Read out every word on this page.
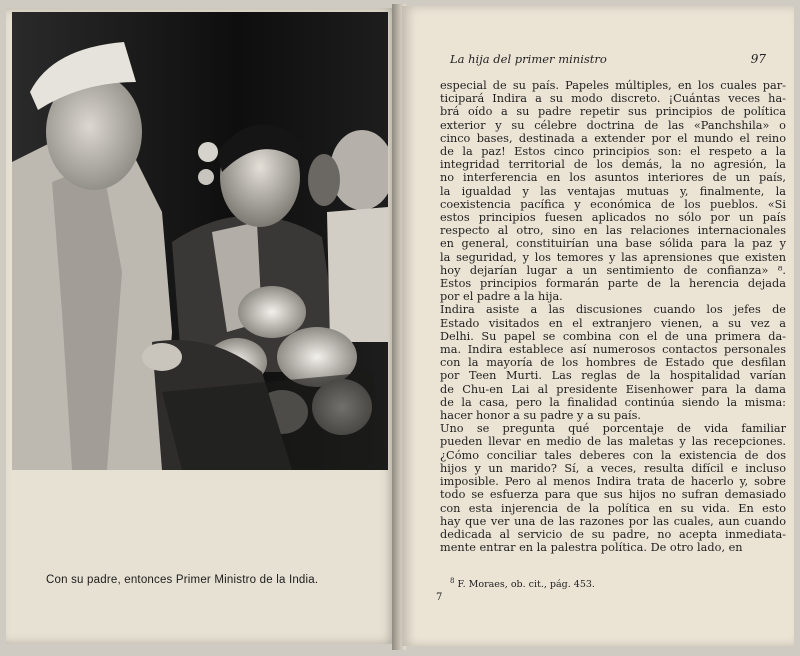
Con su padre, entonces Primer Ministro de la India.
La hija del primer ministro	97
especial de su país. Papeles múltiples, en los cuales par-
ticipará Indira a su modo discreto. ¡Cuántas veces ha-
brá oído a su padre repetir sus principios de política
exterior y su célebre doctrina de las «Panchshila» o
cinco bases, destinada a extender por el mundo el reino
de la paz! Estos cinco principios son: el respeto a la
integridad territorial de los demás, la no agresión, la
no interferencia en los asuntos interiores de un país,
la igualdad y las ventajas mutuas y, finalmente, la
coexistencia pacífica y económica de los pueblos. «Si
estos principios fuesen aplicados no sólo por un país
respecto al otro, sino en las relaciones internacionales
en general, constituirían una base sólida para la paz y
la seguridad, y los temores y las aprensiones que existen
hoy dejarían lugar a un sentimiento de confianza» ⁸.
Estos principios formarán parte de la herencia dejada
por el padre a la hija.
Indira asiste a las discusiones cuando los jefes de
Estado visitados en el extranjero vienen, a su vez a
Delhi. Su papel se combina con el de una primera da-
ma. Indira establece así numerosos contactos personales
con la mayoría de los hombres de Estado que desfilan
por Teen Murti. Las reglas de la hospitalidad varían
de Chu-en Lai al presidente Eisenhower para la dama
de la casa, pero la finalidad continúa siendo la misma:
hacer honor a su padre y a su país.
Uno se pregunta qué porcentaje de vida familiar
pueden llevar en medio de las maletas y las recepciones.
¿Cómo conciliar tales deberes con la existencia de dos
hijos y un marido? Sí, a veces, resulta difícil e incluso
imposible. Pero al menos Indira trata de hacerlo y, sobre
todo se esfuerza para que sus hijos no sufran demasiado
con esta injerencia de la política en su vida. En esto
hay que ver una de las razones por las cuales, aun cuando
dedicada al servicio de su padre, no acepta inmediata-
mente entrar en la palestra política. De otro lado, en
$^8$ F. Moraes, ob. cit., pág. 453.
7
